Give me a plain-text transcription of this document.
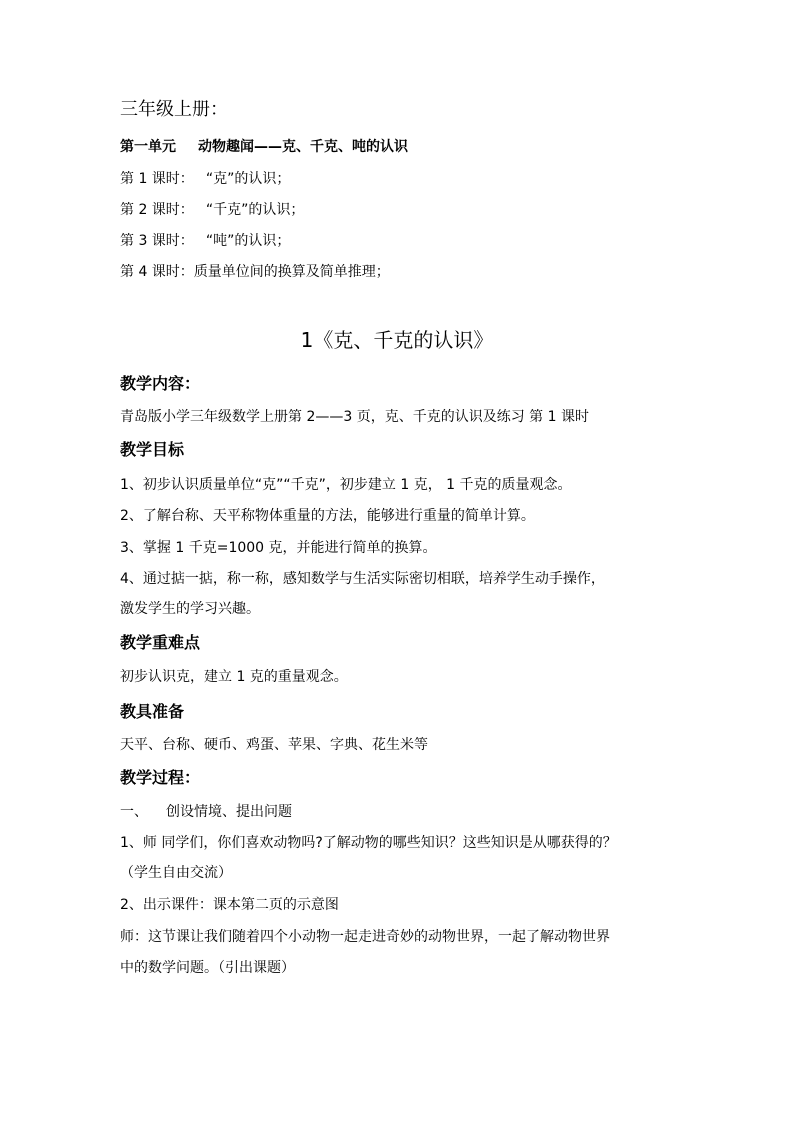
三年级上册：
第一单元 动物趣闻——克、千克、吨的认识
第 1 课时： “克”的认识；
第 2 课时： “千克”的认识；
第 3 课时： “吨”的认识；
第 4 课时：质量单位间的换算及简单推理；
1《克、千克的认识》
教学内容：
青岛版小学三年级数学上册第 2——3 页，克、千克的认识及练习 第 1 课时
教学目标
1、初步认识质量单位“克”“千克”，初步建立 1 克， 1 千克的质量观念。
2、了解台称、天平称物体重量的方法，能够进行重量的简单计算。
3、掌握 1 千克=1000 克，并能进行简单的换算。
4、通过掂一掂，称一称，感知数学与生活实际密切相联，培养学生动手操作，
激发学生的学习兴趣。
教学重难点
初步认识克，建立 1 克的重量观念。
教具准备
天平、台称、硬币、鸡蛋、苹果、字典、花生米等
教学过程：
一、 创设情境、提出问题
1、师 同学们，你们喜欢动物吗?了解动物的哪些知识？这些知识是从哪获得的？
（学生自由交流）
2、出示课件：课本第二页的示意图
师：这节课让我们随着四个小动物一起走进奇妙的动物世界，一起了解动物世界
中的数学问题。（引出课题）
